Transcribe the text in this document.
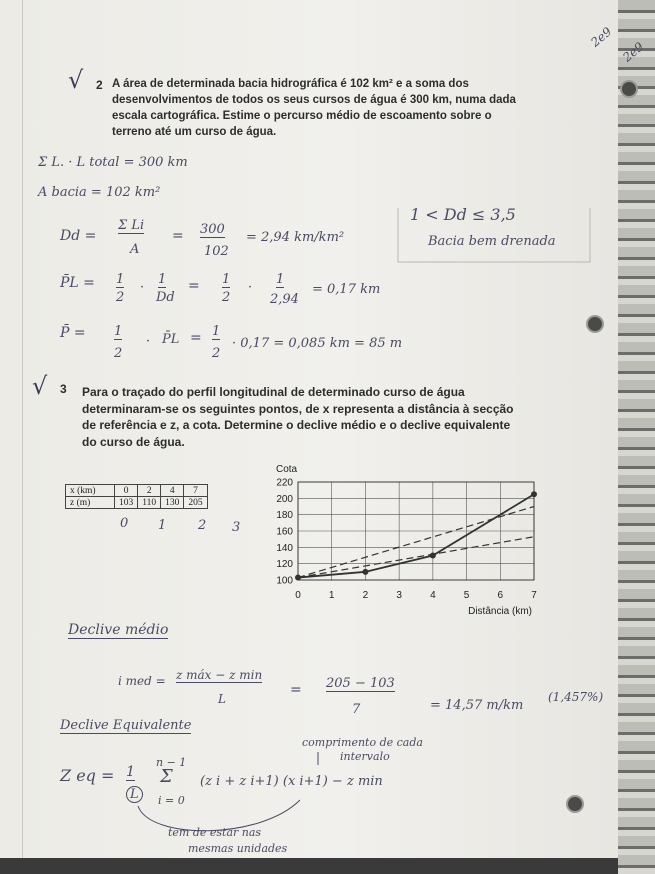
2e9
2e9
√ 2 A área de determinada bacia hidrográfica é 102 km² e a soma dos
desenvolvimentos de todos os seus cursos de água é 300 km, numa dada
escala cartográfica. Estime o percurso médio de escoamento sobre o
terreno até um curso de água.
Σ L. · L total = 300 km
A bacia = 102 km²
Dd =
Σ Li
A
= 300
102
= 2,94 km/km²
1 < Dd ≤ 3,5
Bacia bem drenada
P̄L = 1
2
·
1
Dd
= 1
2
·
1
2,94
= 0,17 km
P̄ = 1
2
· P̄L = 1
2
· 0,17 = 0,085 km = 85 m
√ 3 Para o traçado do perfil longitudinal de determinado curso de água
determinaram-se os seguintes pontos, de x representa a distância à secção
de referência e z, a cota. Determine o declive médio e o declive equivalente
do curso de água.
x (km)	0	2	4	7
z (m)	103	110	130	205
0 1 2 3
100
120
140
160
180
200
220
0	1	2	3	4	5	6	7
Cota
Distância (km)
Declive médio
i med = z máx − z min
L
= 205 − 103
7	= 14,57 m/km
(1,457%)
Declive Equivalente
comprimento de cada
intervalo
Z eq = 1
L
n − 1
Σ
i = 0
(z i + z i+1) (x i+1) − z min
tem de estar nas
mesmas unidades
